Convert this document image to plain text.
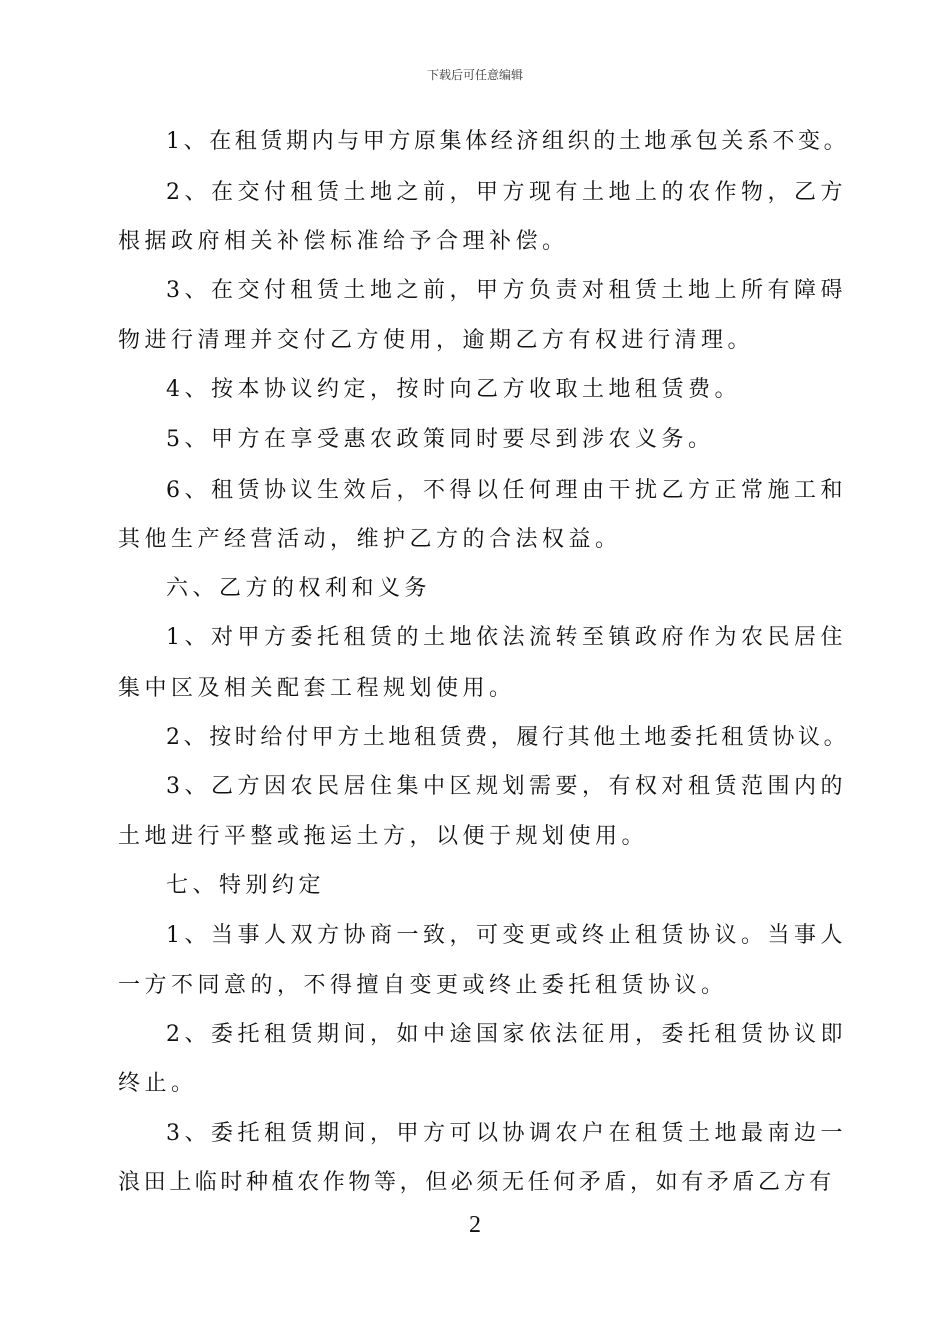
下载后可任意编辑
1、在租赁期内与甲方原集体经济组织的土地承包关系不变。
2、在交付租赁土地之前，甲方现有土地上的农作物，乙方
根据政府相关补偿标准给予合理补偿。
3、在交付租赁土地之前，甲方负责对租赁土地上所有障碍
物进行清理并交付乙方使用，逾期乙方有权进行清理。
4、按本协议约定，按时向乙方收取土地租赁费。
5、甲方在享受惠农政策同时要尽到涉农义务。
6、租赁协议生效后，不得以任何理由干扰乙方正常施工和
其他生产经营活动，维护乙方的合法权益。
六、乙方的权利和义务
1、对甲方委托租赁的土地依法流转至镇政府作为农民居住
集中区及相关配套工程规划使用。
2、按时给付甲方土地租赁费，履行其他土地委托租赁协议。
3、乙方因农民居住集中区规划需要，有权对租赁范围内的
土地进行平整或拖运土方，以便于规划使用。
七、特别约定
1、当事人双方协商一致，可变更或终止租赁协议。当事人
一方不同意的，不得擅自变更或终止委托租赁协议。
2、委托租赁期间，如中途国家依法征用，委托租赁协议即
终止。
3、委托租赁期间，甲方可以协调农户在租赁土地最南边一
浪田上临时种植农作物等，但必须无任何矛盾，如有矛盾乙方有
2
